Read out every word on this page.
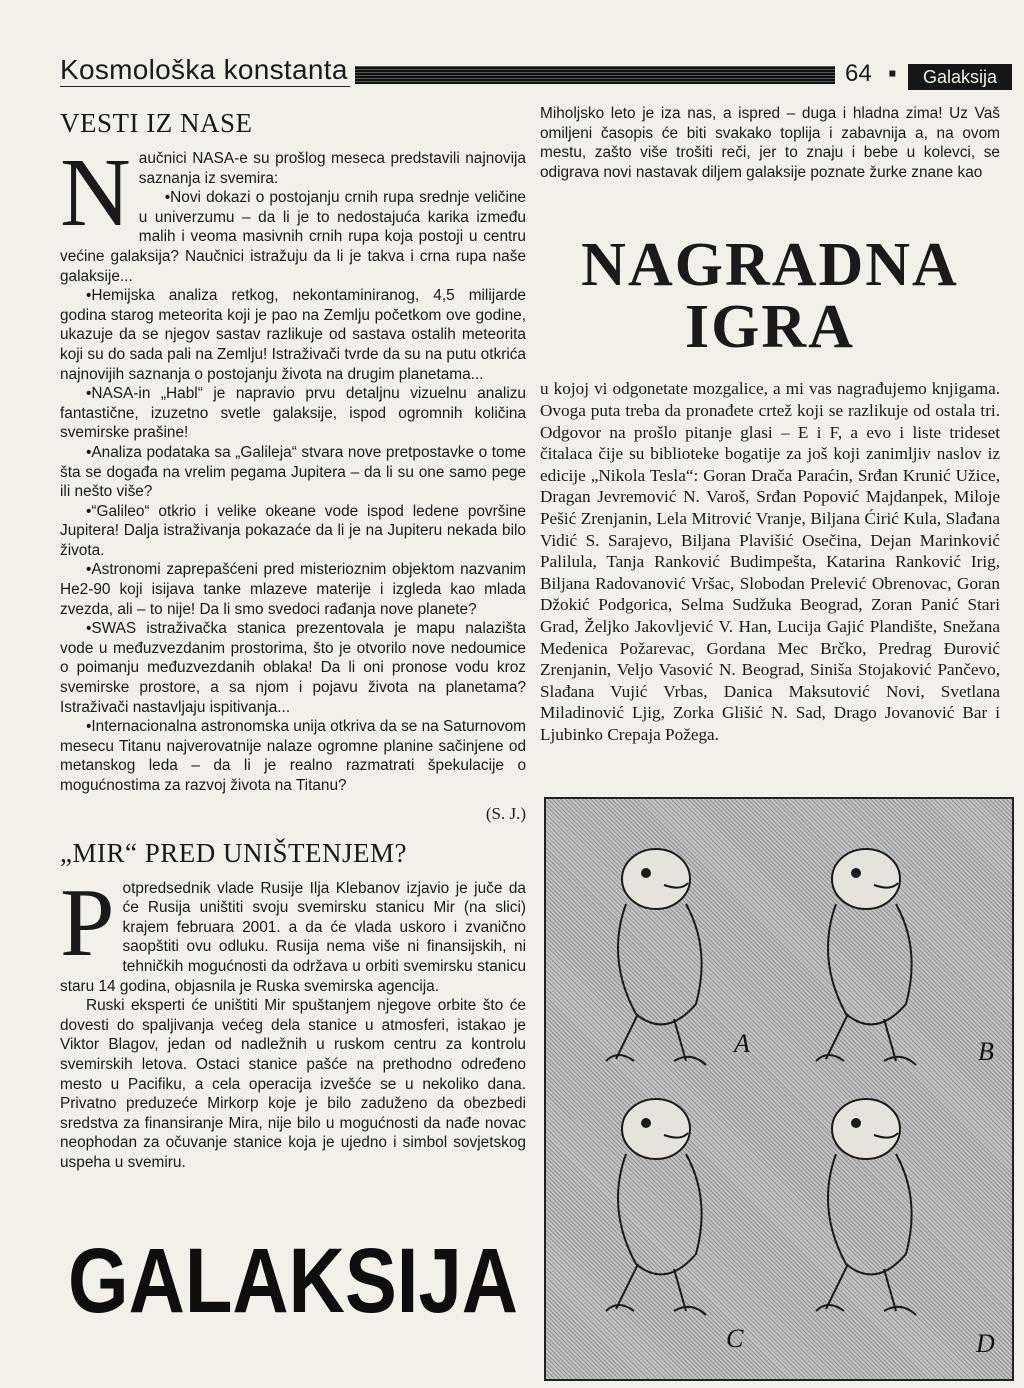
Kosmološka konstanta	64 ▪	Galaksija
VESTI IZ NASE
N aučnici NASA-e su prošlog meseca predstavili najnovija saznanja iz svemira:

•Novi dokazi o postojanju crnih rupa srednje veličine u univerzumu – da li je to nedostajuća karika između malih i veoma masivnih crnih rupa koja postoji u centru većine galaksija? Naučnici istražuju da li je takva i crna rupa naše galaksije...

•Hemijska analiza retkog, nekontaminiranog, 4,5 milijarde godina starog meteorita koji je pao na Zemlju početkom ove godine, ukazuje da se njegov sastav razlikuje od sastava ostalih meteorita koji su do sada pali na Zemlju! Istraživači tvrde da su na putu otkrića najnovijih saznanja o postojanju života na drugim planetama...

•NASA-in „Habl“ je napravio prvu detaljnu vizuelnu analizu fantastične, izuzetno svetle galaksije, ispod ogromnih količina svemirske prašine!

•Analiza podataka sa „Galileja“ stvara nove pretpostavke o tome šta se događa na vrelim pegama Jupitera – da li su one samo pege ili nešto više?

•“Galileo“ otkrio i velike okeane vode ispod ledene površine Jupitera! Dalja istraživanja pokazaće da li je na Jupiteru nekada bilo života.

•Astronomi zaprepašćeni pred misterioznim objektom nazvanim He2-90 koji isijava tanke mlazeve materije i izgleda kao mlada zvezda, ali – to nije! Da li smo svedoci rađanja nove planete?

•SWAS istraživačka stanica prezentovala je mapu nalazišta vode u međuzvezdanim prostorima, što je otvorilo nove nedoumice o poimanju međuzvezdanih oblaka! Da li oni pronose vodu kroz svemirske prostore, a sa njom i pojavu života na planetama? Istraživači nastavljaju ispitivanja...

•Internacionalna astronomska unija otkriva da se na Saturnovom mesecu Titanu najverovatnije nalaze ogromne planine sačinjene od metanskog leda – da li je realno razmatrati špekulacije o mogućnostima za razvoj života na Titanu?

(S. J.)
„MIR“ PRED UNIŠTENJEM?
P otpredsednik vlade Rusije Ilja Klebanov izjavio je juče da će Rusija uništiti svoju svemirsku stanicu Mir (na slici) krajem februara 2001. a da će vlada uskoro i zvanično saopštiti ovu odluku. Rusija nema više ni finansijskih, ni tehničkih mogućnosti da održava u orbiti svemirsku stanicu staru 14 godina, objasnila je Ruska svemirska agencija.

Ruski eksperti će uništiti Mir spuštanjem njegove orbite što će dovesti do spaljivanja većeg dela stanice u atmosferi, istakao je Viktor Blagov, jedan od nadležnih u ruskom centru za kontrolu svemirskih letova. Ostaci stanice pašće na prethodno određeno mesto u Pacifiku, a cela operacija izvešće se u nekoliko dana. Privatno preduzeće Mirkorp koje je bilo zaduženo da obezbedi sredstva za finansiranje Mira, nije bilo u mogućnosti da nađe novac neophodan za očuvanje stanice koja je ujedno i simbol sovjetskog uspeha u svemiru.

GALAKSIJA

Miholjsko leto je iza nas, a ispred – duga i hladna zima! Uz Vaš omiljeni časopis će biti svakako toplija i zabavnija a, na ovom mestu, zašto više trošiti reči, jer to znaju i bebe u kolevci, se odigrava novi nastavak diljem galaksije poznate žurke znane kao

NAGRADNA
IGRA

u kojoj vi odgonetate mozgalice, a mi vas nagrađujemo knjigama. Ovoga puta treba da pronađete crtež koji se razlikuje od ostala tri. Odgovor na prošlo pitanje glasi – E i F, a evo i liste trideset čitalaca čije su biblioteke bogatije za još koji zanimljiv naslov iz edicije „Nikola Tesla“: Goran Drača Paraćin, Srđan Krunić Užice, Dragan Jevremović N. Varoš, Srđan Popović Majdanpek, Miloje Pešić Zrenjanin, Lela Mitrović Vranje, Biljana Ćirić Kula, Slađana Vidić S. Sarajevo, Biljana Plavišić Osečina, Dejan Marinković Palilula, Tanja Ranković Budimpešta, Katarina Ranković Irig, Biljana Radovanović Vršac, Slobodan Prelević Obrenovac, Goran Džokić Podgorica, Selma Sudžuka Beograd, Zoran Panić Stari Grad, Željko Jakovljević V. Han, Lucija Gajić Plandište, Snežana Medenica Požarevac, Gordana Mec Brčko, Predrag Đurović Zrenjanin, Veljo Vasović N. Beograd, Siniša Stojaković Pančevo, Slađana Vujić Vrbas, Danica Maksutović Novi, Svetlana Miladinović Ljig, Zorka Glišić N. Sad, Drago Jovanović Bar i Ljubinko Crepaja Požega.

A	B
C	D
